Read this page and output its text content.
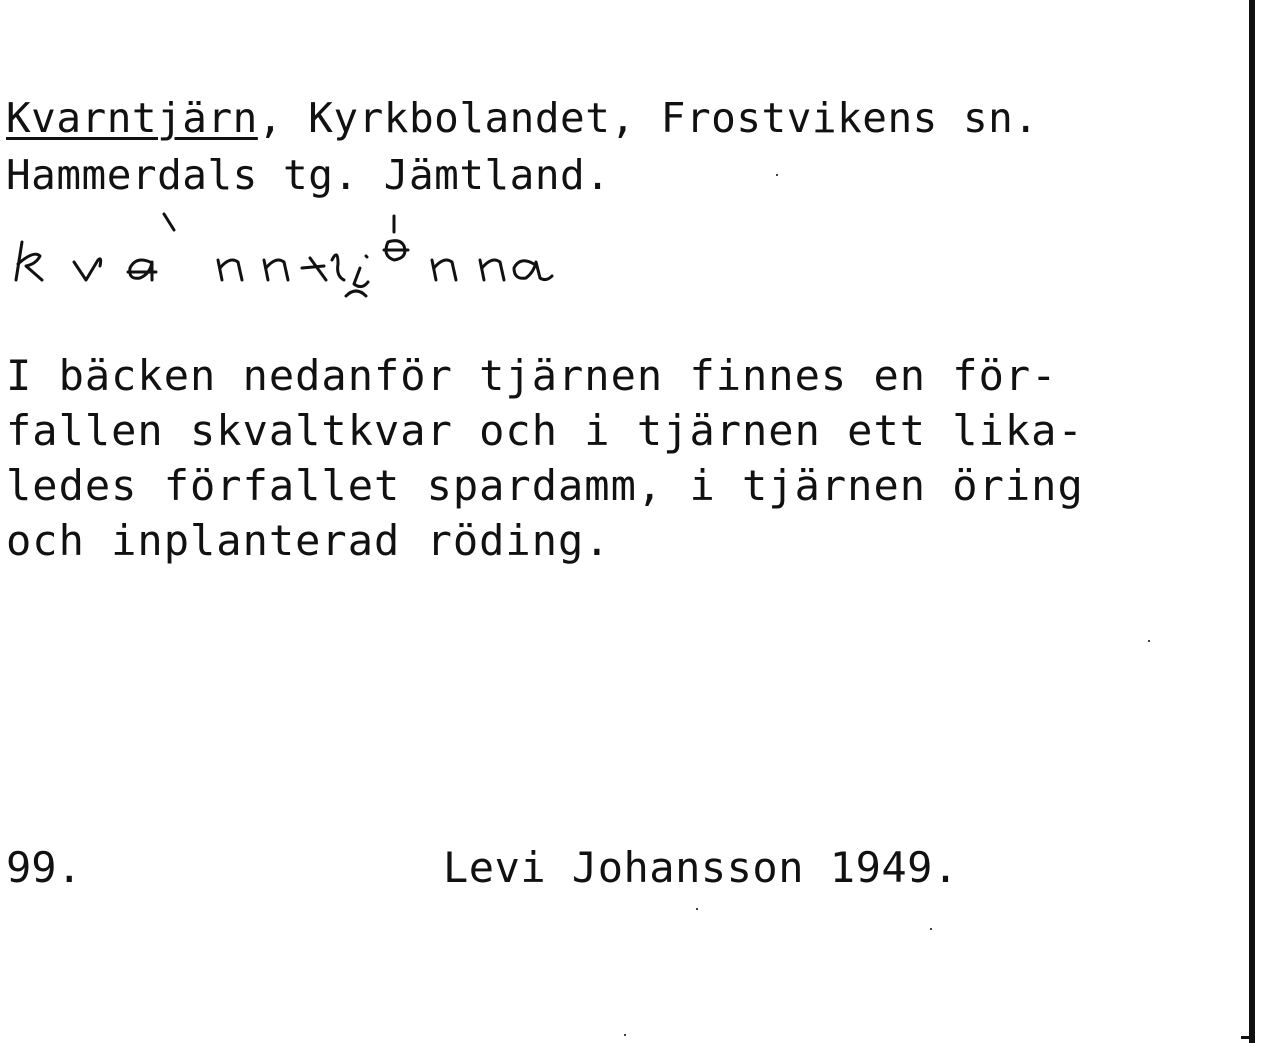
Kvarntjärn, Kyrkbolandet, Frostvikens sn.
Hammerdals tg. Jämtland.
kvännti̯önna
I bäcken nedanför tjärnen finnes en för-
fallen skvaltkvar och i tjärnen ett lika-
ledes förfallet spardamm, i tjärnen öring
och inplanterad röding.
99.	Levi Johansson 1949.
